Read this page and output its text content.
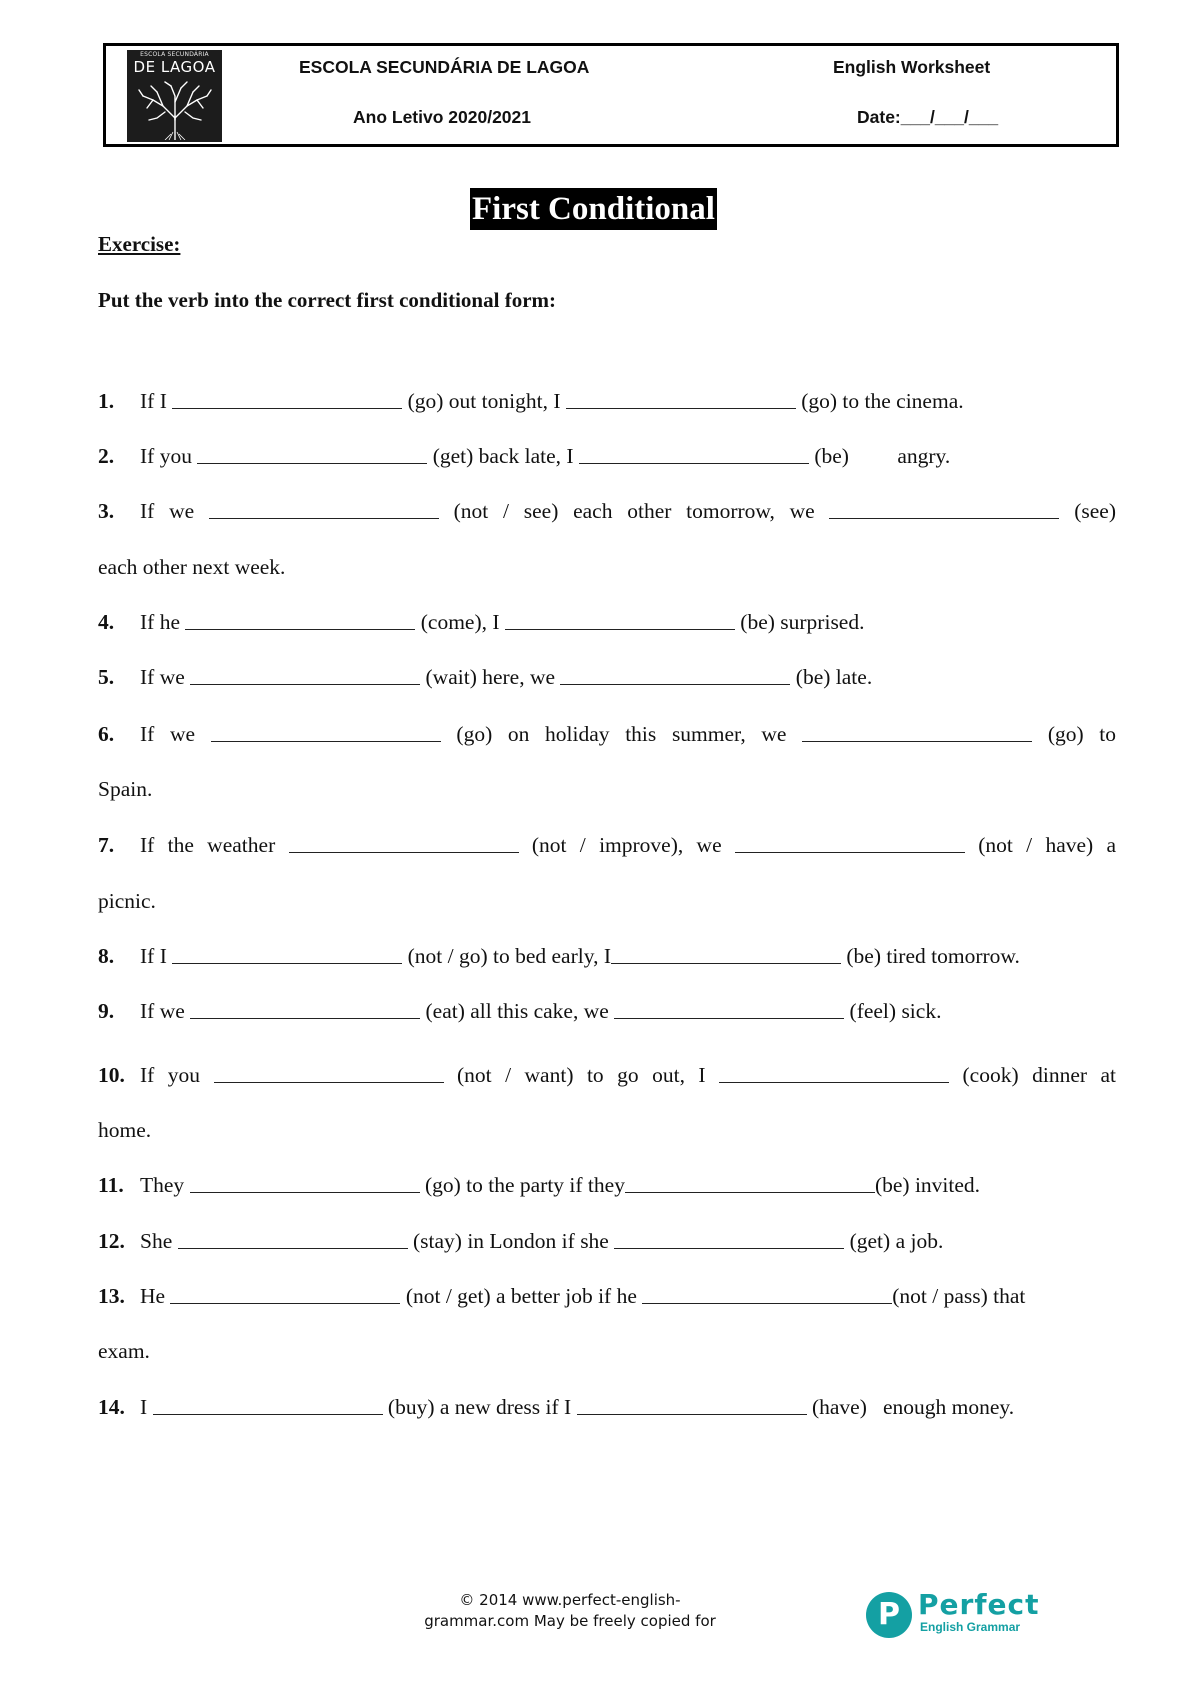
ESCOLA SECUNDÁRIA
DE LAGOA	ESCOLA SECUNDÁRIA DE LAGOA
Ano Letivo 2020/2021
English Worksheet
Date:___/___/___
First Conditional
Exercise:
Put the verb into the correct first conditional form:
1. If I	(go) out tonight, I	(go) to the cinema.
2. If you	(get) back late, I	(be)         angry.
3. If we	(not / see) each other tomorrow, we	(see)
each other next week.
4. If he	(come), I	(be) surprised.
5. If we	(wait) here, we	(be) late.
6. If we	(go) on holiday this summer, we	(go) to
Spain.
7. If the weather	(not / improve), we	(not / have) a
picnic.
8. If I	(not / go) to bed early, I	(be) tired tomorrow.
9. If we	(eat) all this cake, we	(feel) sick.
10. If you	(not / want) to go out, I	(cook) dinner at
home.
11. They	(go) to the party if they	(be) invited.
12. She	(stay) in London if she	(get) a job.
13. He	(not / get) a better job if he	(not / pass) that
exam.
14. I	(buy) a new dress if I	(have)   enough money.
© 2014 www.perfect-english-
grammar.com May be freely copied for	P Perfect
English Grammar
